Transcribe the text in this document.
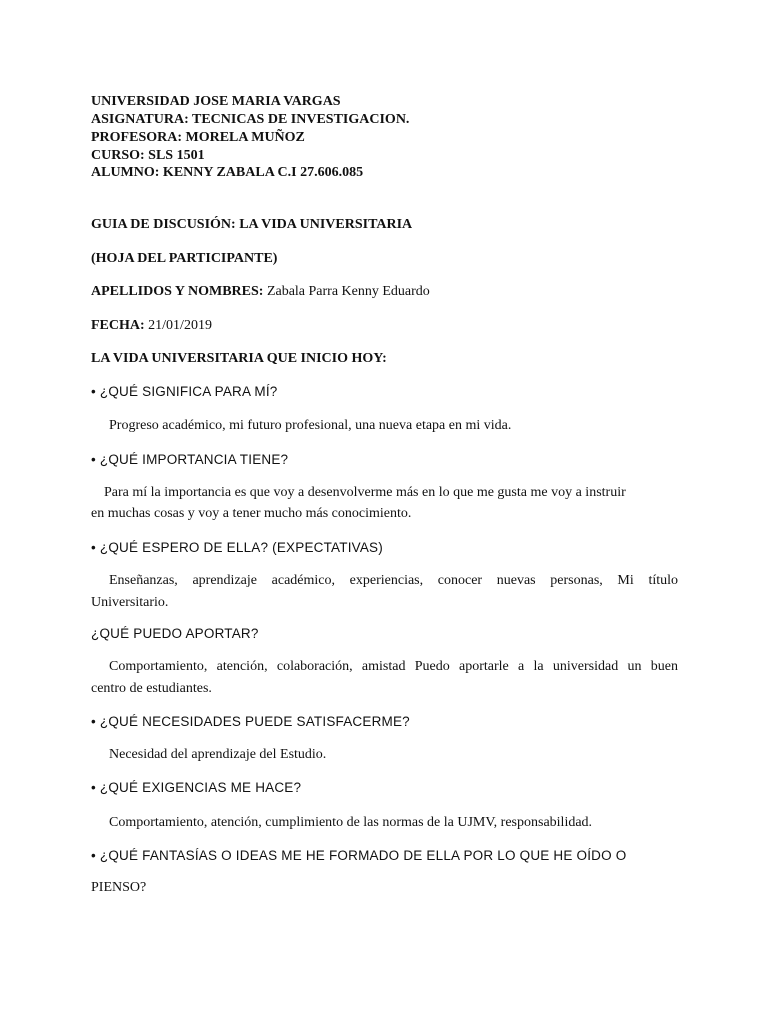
UNIVERSIDAD JOSE MARIA VARGAS
ASIGNATURA: TECNICAS DE INVESTIGACION.
PROFESORA: MORELA MUÑOZ
CURSO: SLS 1501
ALUMNO: KENNY ZABALA C.I 27.606.085
GUIA DE DISCUSIÓN: LA VIDA UNIVERSITARIA
(HOJA DEL PARTICIPANTE)
APELLIDOS Y NOMBRES: Zabala Parra Kenny Eduardo
FECHA: 21/01/2019
LA VIDA UNIVERSITARIA QUE INICIO HOY:
• ¿QUÉ SIGNIFICA PARA MÍ?
Progreso académico, mi futuro profesional, una nueva etapa en mi vida.
• ¿QUÉ IMPORTANCIA TIENE?
Para mí la importancia es que voy a desenvolverme más en lo que me gusta me voy a instruir
en muchas cosas y voy a tener mucho más conocimiento.
• ¿QUÉ ESPERO DE ELLA? (EXPECTATIVAS)
Enseñanzas, aprendizaje académico, experiencias, conocer nuevas personas, Mi título
Universitario.
¿QUÉ PUEDO APORTAR?
Comportamiento, atención, colaboración, amistad Puedo aportarle a la universidad un buen
centro de estudiantes.
• ¿QUÉ NECESIDADES PUEDE SATISFACERME?
Necesidad del aprendizaje del Estudio.
• ¿QUÉ EXIGENCIAS ME HACE?
Comportamiento, atención, cumplimiento de las normas de la UJMV, responsabilidad.
• ¿QUÉ FANTASÍAS O IDEAS ME HE FORMADO DE ELLA POR LO QUE HE OÍDO O
PIENSO?
